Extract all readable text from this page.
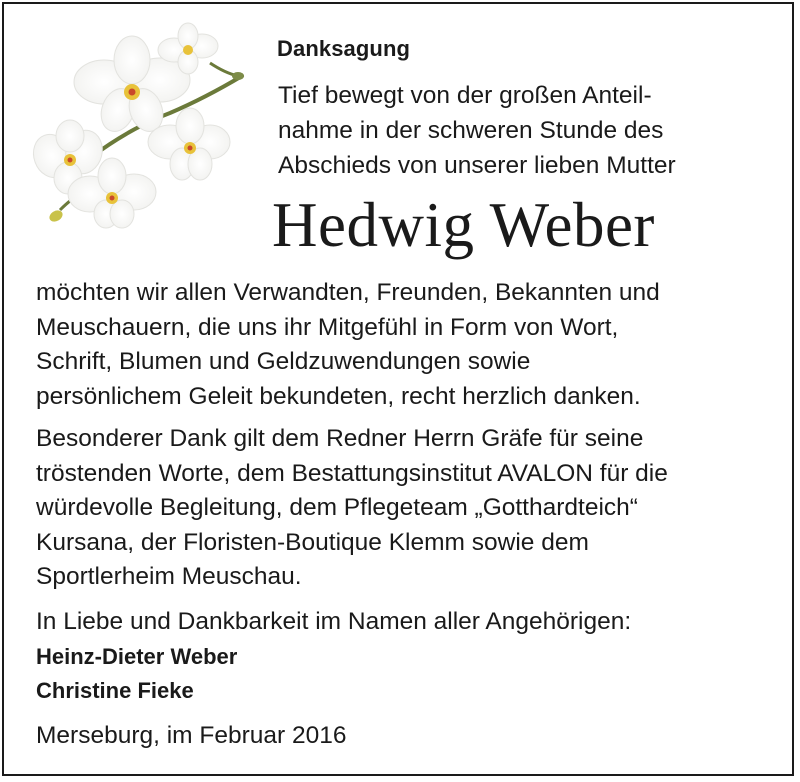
Danksagung
Tief bewegt von der großen Anteil-
nahme in der schweren Stunde des
Abschieds von unserer lieben Mutter
Hedwig Weber
möchten wir allen Verwandten, Freunden, Bekannten und
Meuschauern, die uns ihr Mitgefühl in Form von Wort,
Schrift, Blumen und Geldzuwendungen sowie
persönlichem Geleit bekundeten, recht herzlich danken.
Besonderer Dank gilt dem Redner Herrn Gräfe für seine
tröstenden Worte, dem Bestattungsinstitut AVALON für die
würdevolle Begleitung, dem Pflegeteam „Gotthardteich“
Kursana, der Floristen-Boutique Klemm sowie dem
Sportlerheim Meuschau.
In Liebe und Dankbarkeit im Namen aller Angehörigen:
Heinz-Dieter Weber
Christine Fieke
Merseburg, im Februar 2016
